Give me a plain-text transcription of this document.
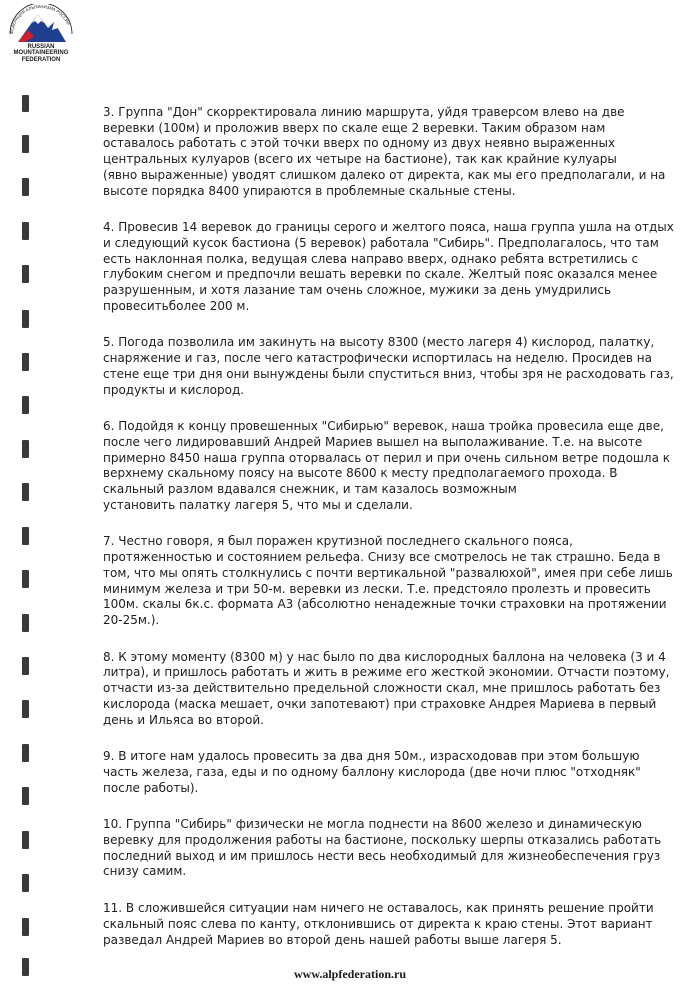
ФЕДЕРАЦИЯ АЛЬПИНИЗМА РОССИИ
RUSSIAN
MOUNTAINEERING
FEDERATION

3. Группа "Дон" скорректировала линию маршрута, уйдя траверсом влево на две
веревки (100м) и проложив вверх по скале еще 2 веревки. Таким образом нам
оставалось работать с этой точки вверх по одному из двух неявно выраженных
центральных кулуаров (всего их четыре на бастионе), так как крайние кулуары
(явно выраженные) уводят слишком далеко от директа, как мы его предполагали, и на
высоте порядка 8400 упираются в проблемные скальные стены.

4. Провесив 14 веревок до границы серого и желтого пояса, наша группа ушла на отдых
и следующий кусок бастиона (5 веревок) работала "Сибирь". Предполагалось, что там
есть наклонная полка, ведущая слева направо вверх, однако ребята встретились с
глубоким снегом и предпочли вешать веревки по скале. Желтый пояс оказался менее
разрушенным, и хотя лазание там очень сложное, мужики за день умудрились
провеситьболее 200 м.

5. Погода позволила им закинуть на высоту 8300 (место лагеря 4) кислород, палатку,
снаряжение и газ, после чего катастрофически испортилась на неделю. Просидев на
стене еще три дня они вынуждены были спуститься вниз, чтобы зря не расходовать газ,
продукты и кислород.

6. Подойдя к концу провешенных "Сибирью" веревок, наша тройка провесила еще две,
после чего лидировавший Андрей Мариев вышел на выполаживание. Т.е. на высоте
примерно 8450 наша группа оторвалась от перил и при очень сильном ветре подошла к
верхнему скальному поясу на высоте 8600 к месту предполагаемого прохода. В
скальный разлом вдавался снежник, и там казалось возможным
установить палатку лагеря 5, что мы и сделали.

7. Честно говоря, я был поражен крутизной последнего скального пояса,
протяженностью и состоянием рельефа. Снизу все смотрелось не так страшно. Беда в
том, что мы опять столкнулись с почти вертикальной "развалюхой", имея при себе лишь
минимум железа и три 50-м. веревки из лески. Т.е. предстояло пролезть и провесить
100м. скалы 6к.с. формата А3 (абсолютно ненадежные точки страховки на протяжении
20-25м.).

8. К этому моменту (8300 м) у нас было по два кислородных баллона на человека (3 и 4
литра), и пришлось работать и жить в режиме его жесткой экономии. Отчасти поэтому,
отчасти из-за действительно предельной сложности скал, мне пришлось работать без
кислорода (маска мешает, очки запотевают) при страховке Андрея Мариева в первый
день и Ильяса во второй.

9. В итоге нам удалось провесить за два дня 50м., израсходовав при этом большую
часть железа, газа, еды и по одному баллону кислорода (две ночи плюс "отходняк"
после работы).

10. Группа "Сибирь" физически не могла поднести на 8600 железо и динамическую
веревку для продолжения работы на бастионе, поскольку шерпы отказались работать
последний выход и им пришлось нести весь необходимый для жизнеобеспечения груз
снизу самим.

11. В сложившейся ситуации нам ничего не оставалось, как принять решение пройти
скальный пояс слева по канту, отклонившись от директа к краю стены. Этот вариант
разведал Андрей Мариев во второй день нашей работы выше лагеря 5.

www.alpfederation.ru
